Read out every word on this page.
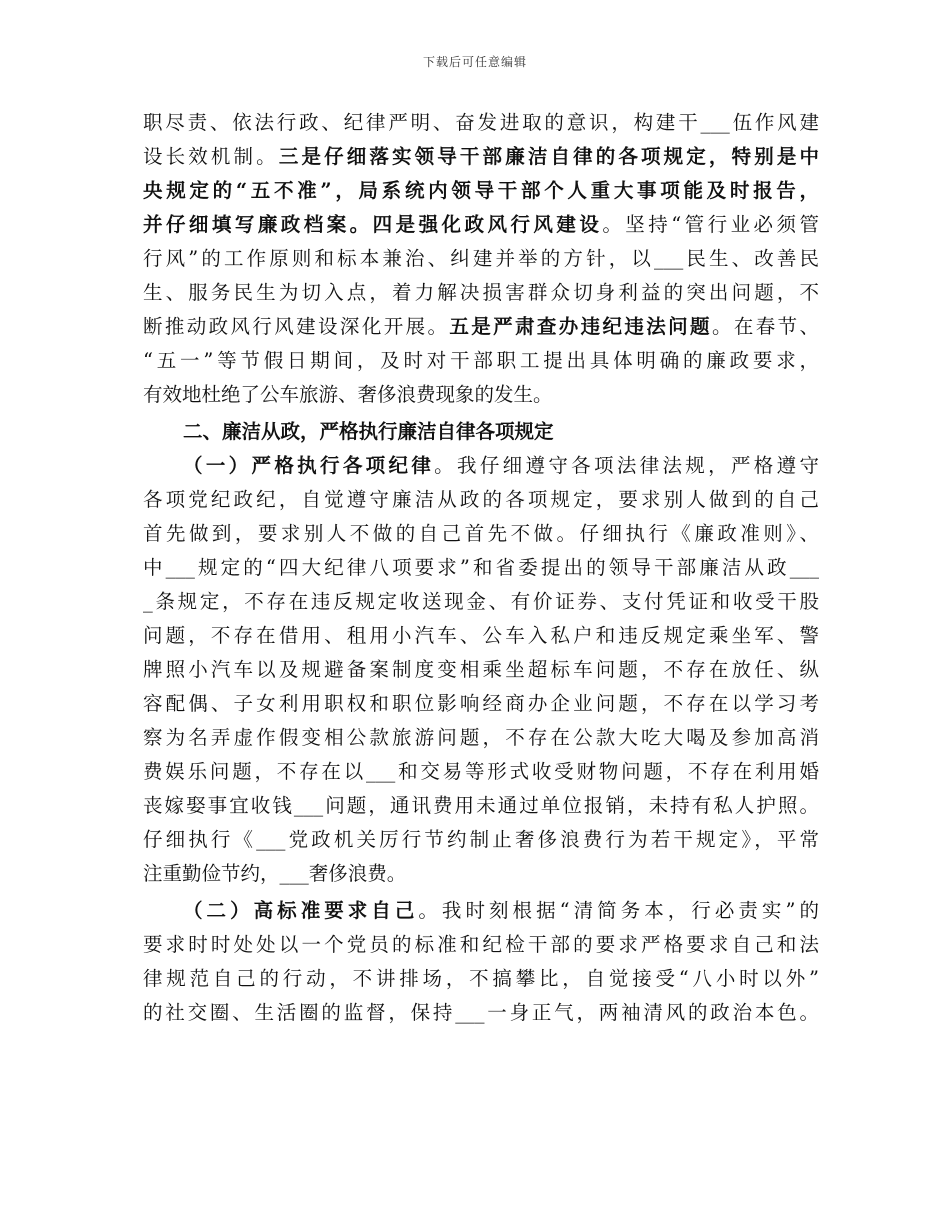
下载后可任意编辑
职尽责、依法行政、纪律严明、奋发进取的意识，构建干___伍作风建
设长效机制。三是仔细落实领导干部廉洁自律的各项规定，特别是中
央规定的“五不准”，局系统内领导干部个人重大事项能及时报告，
并仔细填写廉政档案。四是强化政风行风建设。坚持“管行业必须管
行风”的工作原则和标本兼治、纠建并举的方针，以___民生、改善民
生、服务民生为切入点，着力解决损害群众切身利益的突出问题，不
断推动政风行风建设深化开展。五是严肃查办违纪违法问题。在春节、
“五一”等节假日期间，及时对干部职工提出具体明确的廉政要求，
有效地杜绝了公车旅游、奢侈浪费现象的发生。
二、廉洁从政，严格执行廉洁自律各项规定
（一）严格执行各项纪律。我仔细遵守各项法律法规，严格遵守
各项党纪政纪，自觉遵守廉洁从政的各项规定，要求别人做到的自己
首先做到，要求别人不做的自己首先不做。仔细执行《廉政准则》、
中___规定的“四大纪律八项要求”和省委提出的领导干部廉洁从政___
_条规定，不存在违反规定收送现金、有价证券、支付凭证和收受干股
问题，不存在借用、租用小汽车、公车入私户和违反规定乘坐军、警
牌照小汽车以及规避备案制度变相乘坐超标车问题，不存在放任、纵
容配偶、子女利用职权和职位影响经商办企业问题，不存在以学习考
察为名弄虚作假变相公款旅游问题，不存在公款大吃大喝及参加高消
费娱乐问题，不存在以___和交易等形式收受财物问题，不存在利用婚
丧嫁娶事宜收钱___问题，通讯费用未通过单位报销，未持有私人护照。
仔细执行《___党政机关厉行节约制止奢侈浪费行为若干规定》，平常
注重勤俭节约，___奢侈浪费。
（二）高标准要求自己。我时刻根据“清简务本，行必责实”的
要求时时处处以一个党员的标准和纪检干部的要求严格要求自己和法
律规范自己的行动，不讲排场，不搞攀比，自觉接受“八小时以外”
的社交圈、生活圈的监督，保持___一身正气，两袖清风的政治本色。
